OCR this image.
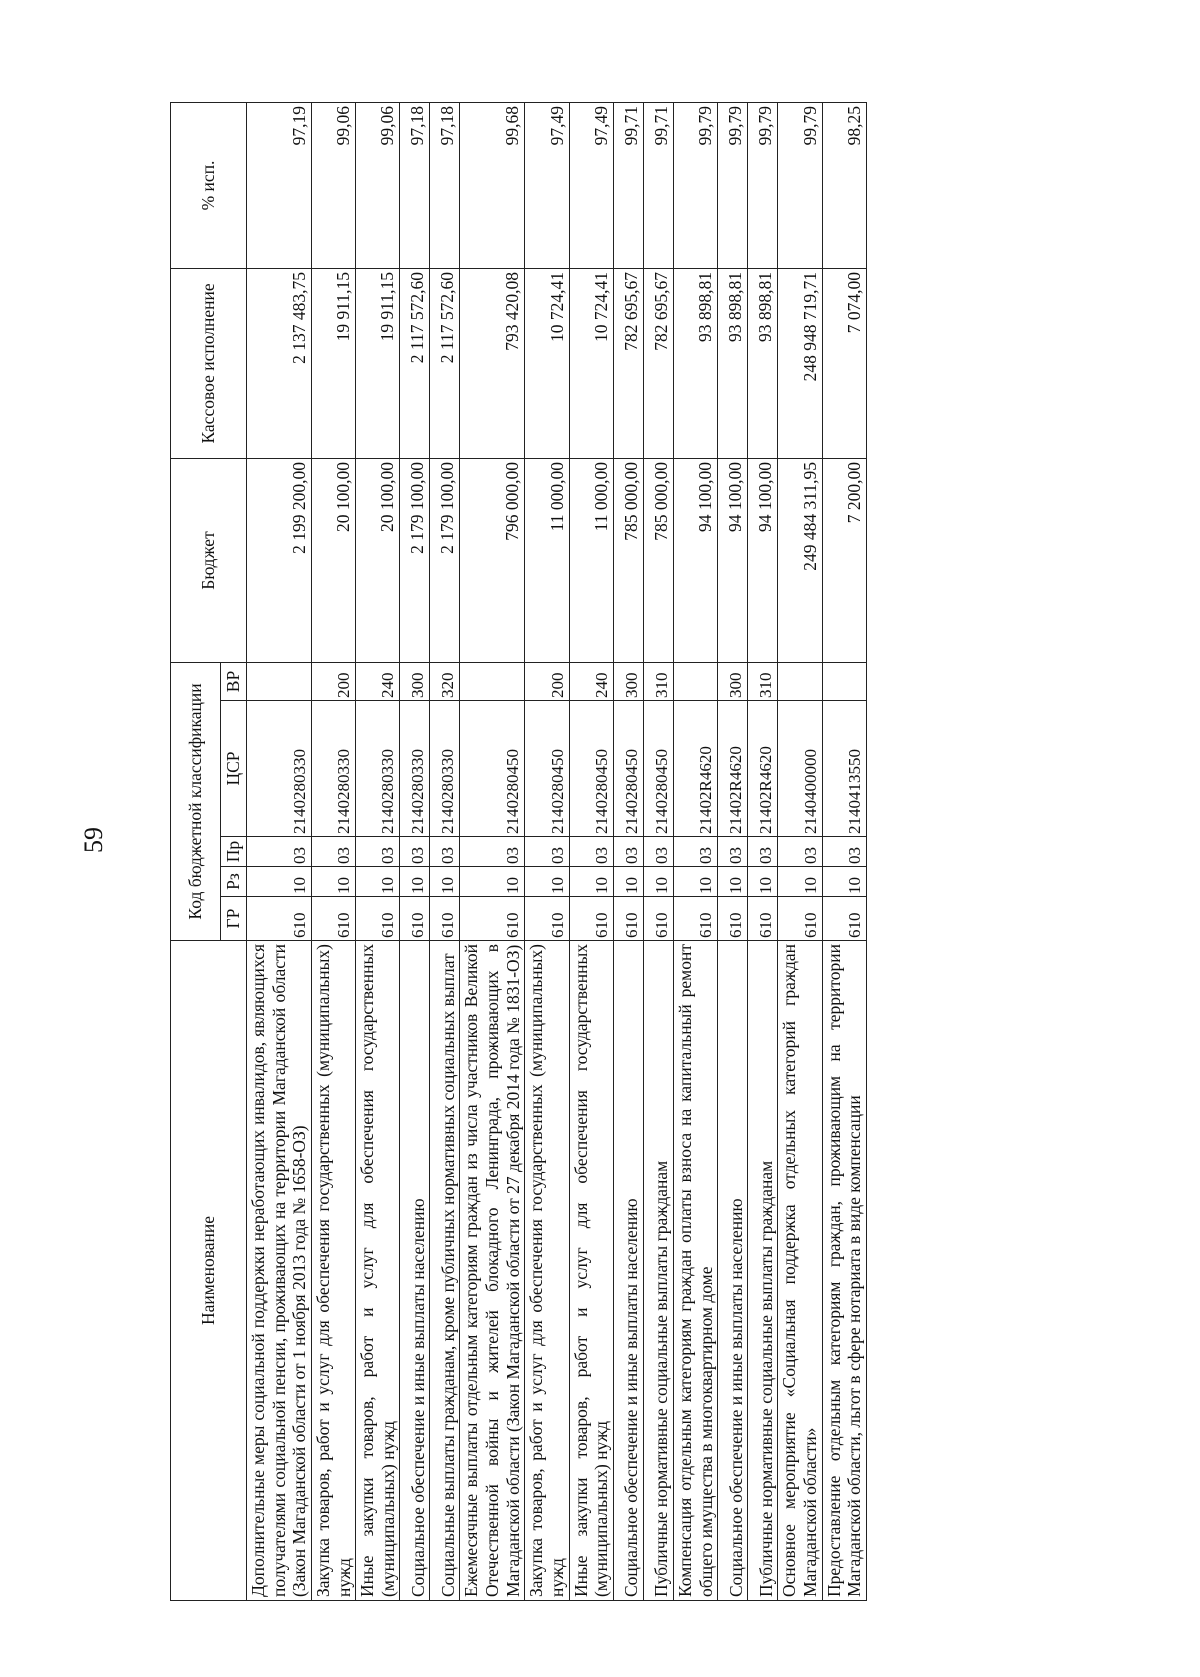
59
Наименование	Код бюджетной классификации					Бюджет	Кассовое исполнение	% исп.
	ГР	Рз	Пр	ЦСР	ВР			
Дополнительные меры социальной поддержки неработающих инвалидов, являющихся получателями социальной пенсии, проживающих на территории Магаданской области (Закон Магаданской области от 1 ноября 2013 года № 1658-ОЗ)	610	10	03	2140280330		2 199 200,00	2 137 483,75	97,19
Закупка товаров, работ и услуг для обеспечения государственных (муниципальных) нужд	610	10	03	2140280330	200	20 100,00	19 911,15	99,06
Иные закупки товаров, работ и услуг для обеспечения государственных (муниципальных) нужд	610	10	03	2140280330	240	20 100,00	19 911,15	99,06
Социальное обеспечение и иные выплаты населению	610	10	03	2140280330	300	2 179 100,00	2 117 572,60	97,18
Социальные выплаты гражданам, кроме публичных нормативных социальных выплат	610	10	03	2140280330	320	2 179 100,00	2 117 572,60	97,18
Ежемесячные выплаты отдельным категориям граждан из числа участников Великой Отечественной войны и жителей блокадного Ленинграда, проживающих в Магаданской области (Закон Магаданской области от 27 декабря 2014 года № 1831-ОЗ)	610	10	03	2140280450		796 000,00	793 420,08	99,68
Закупка товаров, работ и услуг для обеспечения государственных (муниципальных) нужд	610	10	03	2140280450	200	11 000,00	10 724,41	97,49
Иные закупки товаров, работ и услуг для обеспечения государственных (муниципальных) нужд	610	10	03	2140280450	240	11 000,00	10 724,41	97,49
Социальное обеспечение и иные выплаты населению	610	10	03	2140280450	300	785 000,00	782 695,67	99,71
Публичные нормативные социальные выплаты гражданам	610	10	03	2140280450	310	785 000,00	782 695,67	99,71
Компенсация отдельным категориям граждан оплаты взноса на капитальный ремонт общего имущества в многоквартирном доме	610	10	03	21402R4620		94 100,00	93 898,81	99,79
Социальное обеспечение и иные выплаты населению	610	10	03	21402R4620	300	94 100,00	93 898,81	99,79
Публичные нормативные социальные выплаты гражданам	610	10	03	21402R4620	310	94 100,00	93 898,81	99,79
Основное мероприятие «Социальная поддержка отдельных категорий граждан Магаданской области»	610	10	03	2140400000		249 484 311,95	248 948 719,71	99,79
Предоставление отдельным категориям граждан, проживающим на территории Магаданской области, льгот в сфере нотариата в виде компенсации	610	10	03	2140413550		7 200,00	7 074,00	98,25
